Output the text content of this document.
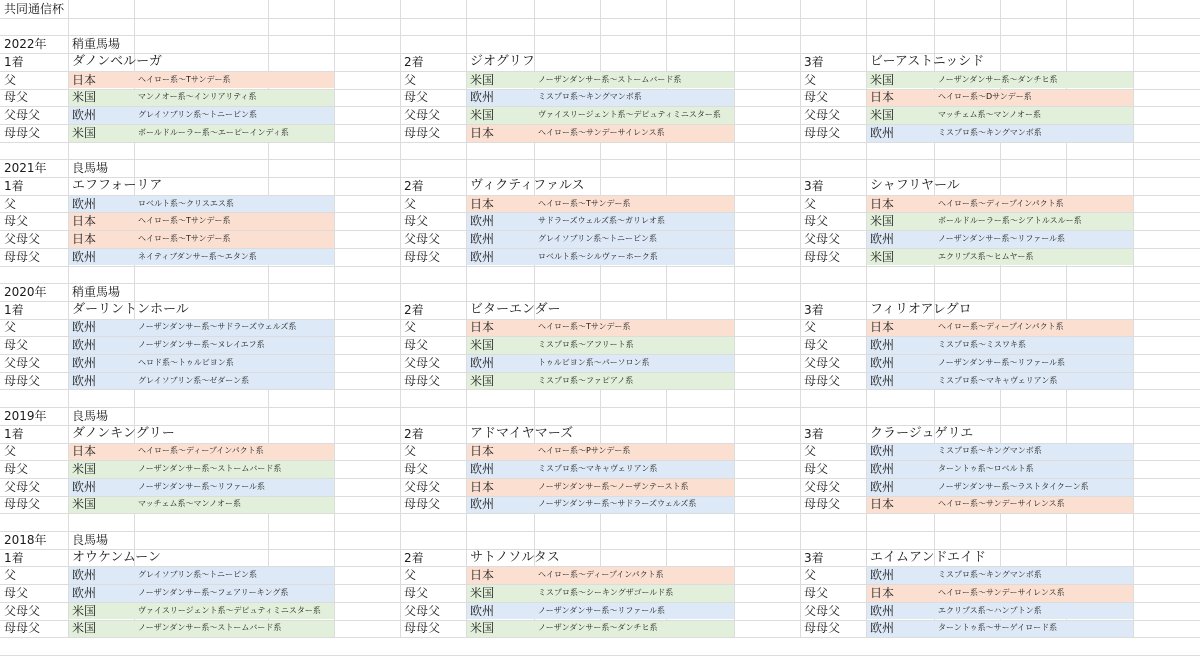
共同通信杯
2022年 稍重馬場
1着	ダノンベルーガ
父	日本	ヘイロー系～Tサンデー系
母父	米国	マンノオー系～インリアリティ系
父母父	欧州	グレイソブリン系～トニービン系
母母父	米国	ボールドルーラー系～エーピーインディ系
2着	ジオグリフ
父	米国	ノーザンダンサー系～ストームバード系
母父	欧州	ミスプロ系～キングマンボ系
父母父 米国	ヴァイスリージェント系～デピュティミニスター系
母母父 日本	ヘイロー系～サンデーサイレンス系
3着	ビーアストニッシド
父	米国	ノーザンダンサー系～ダンチヒ系
母父	日本	ヘイロー系～Dサンデー系
父母父 米国	マッチェム系～マンノオー系
母母父 欧州	ミスプロ系～キングマンボ系
2021年 良馬場
1着	エフフォーリア
父	欧州	ロベルト系～クリスエス系
母父	日本	ヘイロー系～Tサンデー系
父母父	日本	ヘイロー系～Tサンデー系
母母父	欧州	ネイティブダンサー系～エタン系
2着	ヴィクティファルス
父	日本	ヘイロー系～Tサンデー系
母父	欧州	サドラーズウェルズ系～ガリレオ系
父母父 欧州	グレイソブリン系～トニービン系
母母父 欧州	ロベルト系～シルヴァーホーク系
3着	シャフリヤール
父	日本	ヘイロー系～ディープインパクト系
母父	米国	ボールドルーラー系～シアトルスルー系
父母父 欧州	ノーザンダンサー系～リファール系
母母父 米国	エクリプス系～ヒムヤー系
2020年 稍重馬場
1着	ダーリントンホール
父	欧州	ノーザンダンサー系～サドラーズウェルズ系
母父	欧州	ノーザンダンサー系～ヌレイエフ系
父母父	欧州	ヘロド系～トゥルビヨン系
母母父	欧州	グレイソブリン系～ゼダーン系
2着	ビターエンダー
父	日本	ヘイロー系～Tサンデー系
母父	米国	ミスプロ系～アフリート系
父母父 欧州	トゥルビヨン系～パーソロン系
母母父 米国	ミスプロ系～ファピアノ系
3着	フィリオアレグロ
父	日本	ヘイロー系～ディープインパクト系
母父	欧州	ミスプロ系～ミスワキ系
父母父 欧州	ノーザンダンサー系～リファール系
母母父 欧州	ミスプロ系～マキャヴェリアン系
2019年 良馬場
1着	ダノンキングリー
父	日本	ヘイロー系～ディープインパクト系
母父	米国	ノーザンダンサー系～ストームバード系
父母父	欧州	ノーザンダンサー系～リファール系
母母父	米国	マッチェム系～マンノオー系
2着	アドマイヤマーズ
父	日本	ヘイロー系～Pサンデー系
母父	欧州	ミスプロ系～マキャヴェリアン系
父母父 日本	ノーザンダンサー系～ノーザンテースト系
母母父 欧州	ノーザンダンサー系～サドラーズウェルズ系
3着	クラージュゲリエ
父	欧州	ミスプロ系～キングマンボ系
母父	欧州	ターントゥ系～ロベルト系
父母父 欧州	ノーザンダンサー系～ラストタイクーン系
母母父 日本	ヘイロー系～サンデーサイレンス系
2018年 良馬場
1着	オウケンムーン
父	欧州	グレイソブリン系～トニービン系
母父	欧州	ノーザンダンサー系～フェアリーキング系
父母父	米国	ヴァイスリージェント系～デピュティミニスター系
母母父	米国	ノーザンダンサー系～ストームバード系
2着	サトノソルタス
父	日本	ヘイロー系～ディープインパクト系
母父	米国	ミスプロ系～シーキングザゴールド系
父母父 欧州	ノーザンダンサー系～リファール系
母母父 米国	ノーザンダンサー系～ダンチヒ系
3着	エイムアンドエイド
父	欧州	ミスプロ系～キングマンボ系
母父	日本	ヘイロー系～サンデーサイレンス系
父母父 欧州	エクリプス系～ハンプトン系
母母父 欧州	ターントゥ系～サーゲイロード系
